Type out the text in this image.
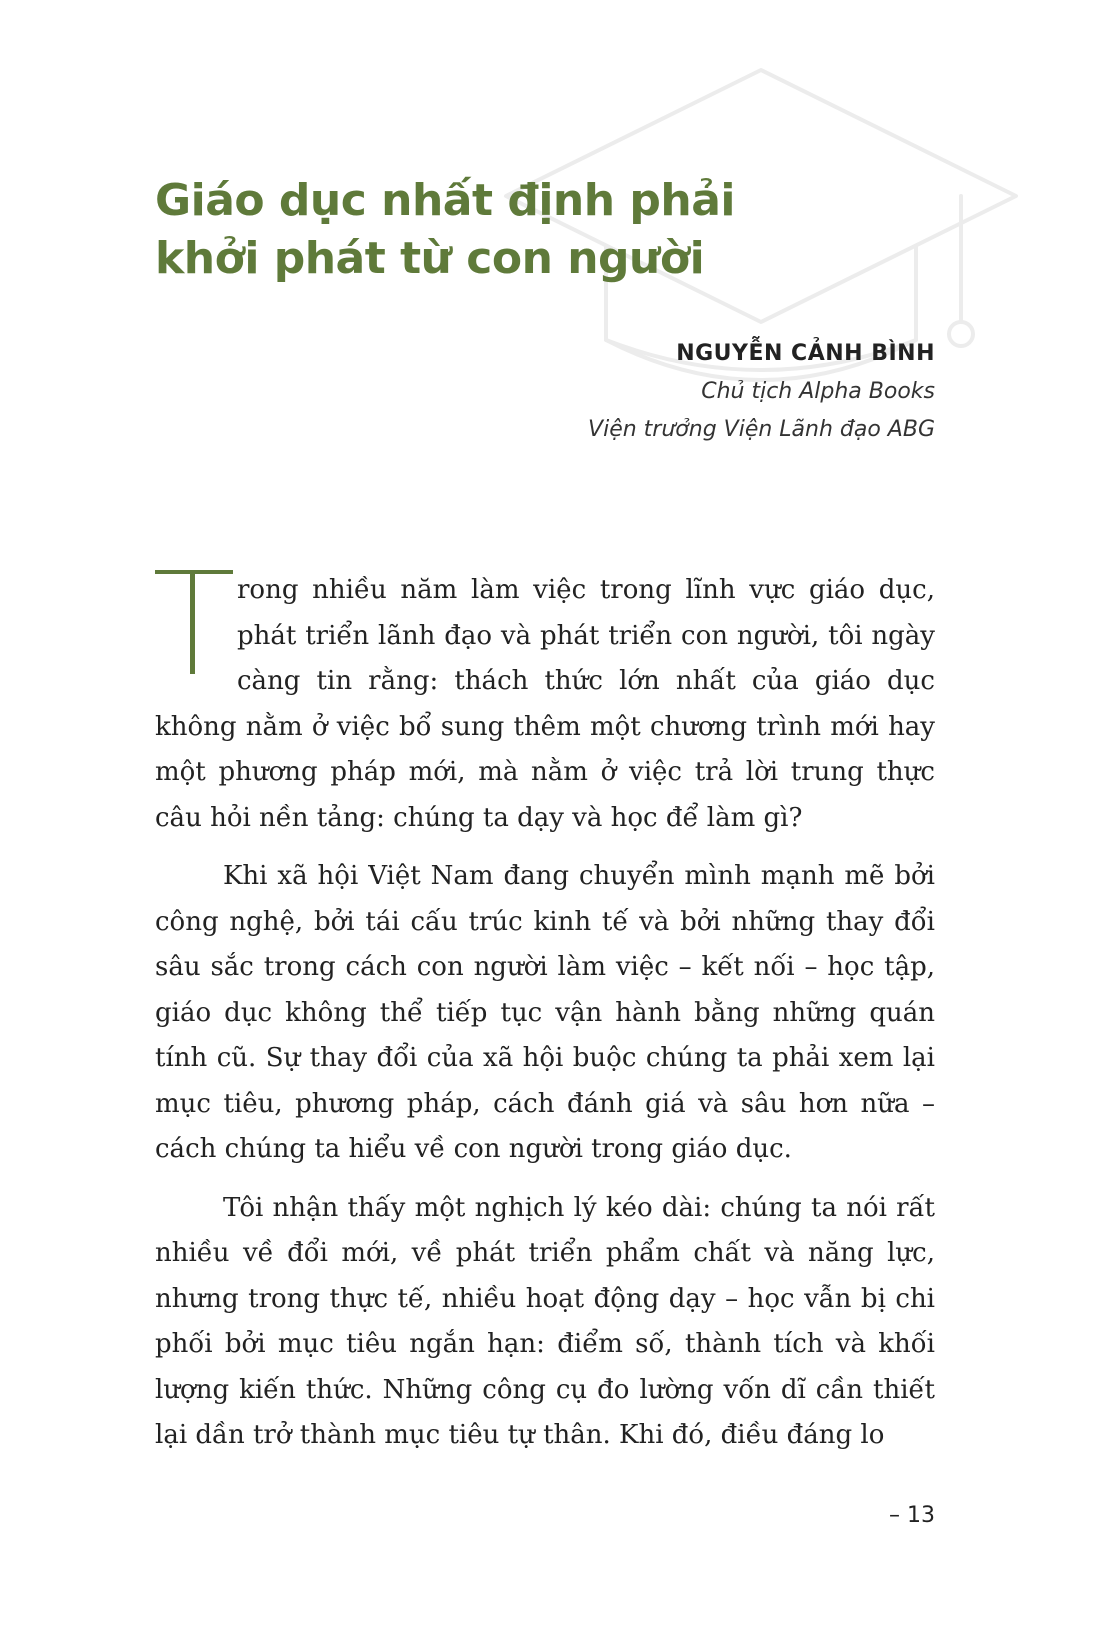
Giáo dục nhất định phải
khởi phát từ con người
NGUYỄN CẢNH BÌNH
Chủ tịch Alpha Books
Viện trưởng Viện Lãnh đạo ABG

T
rong nhiều năm làm việc trong lĩnh vực giáo dục, phát triển lãnh đạo và phát triển con người, tôi ngày càng tin rằng: thách thức lớn nhất của giáo dục không nằm ở việc bổ sung thêm một chương trình mới hay một phương pháp mới, mà nằm ở việc trả lời trung thực câu hỏi nền tảng: chúng ta dạy và học để làm gì?

Khi xã hội Việt Nam đang chuyển mình mạnh mẽ bởi công nghệ, bởi tái cấu trúc kinh tế và bởi những thay đổi sâu sắc trong cách con người làm việc – kết nối – học tập, giáo dục không thể tiếp tục vận hành bằng những quán tính cũ. Sự thay đổi của xã hội buộc chúng ta phải xem lại mục tiêu, phương pháp, cách đánh giá và sâu hơn nữa – cách chúng ta hiểu về con người trong giáo dục.

Tôi nhận thấy một nghịch lý kéo dài: chúng ta nói rất nhiều về đổi mới, về phát triển phẩm chất và năng lực, nhưng trong thực tế, nhiều hoạt động dạy – học vẫn bị chi phối bởi mục tiêu ngắn hạn: điểm số, thành tích và khối lượng kiến thức. Những công cụ đo lường vốn dĩ cần thiết lại dần trở thành mục tiêu tự thân. Khi đó, điều đáng lo

– 13
